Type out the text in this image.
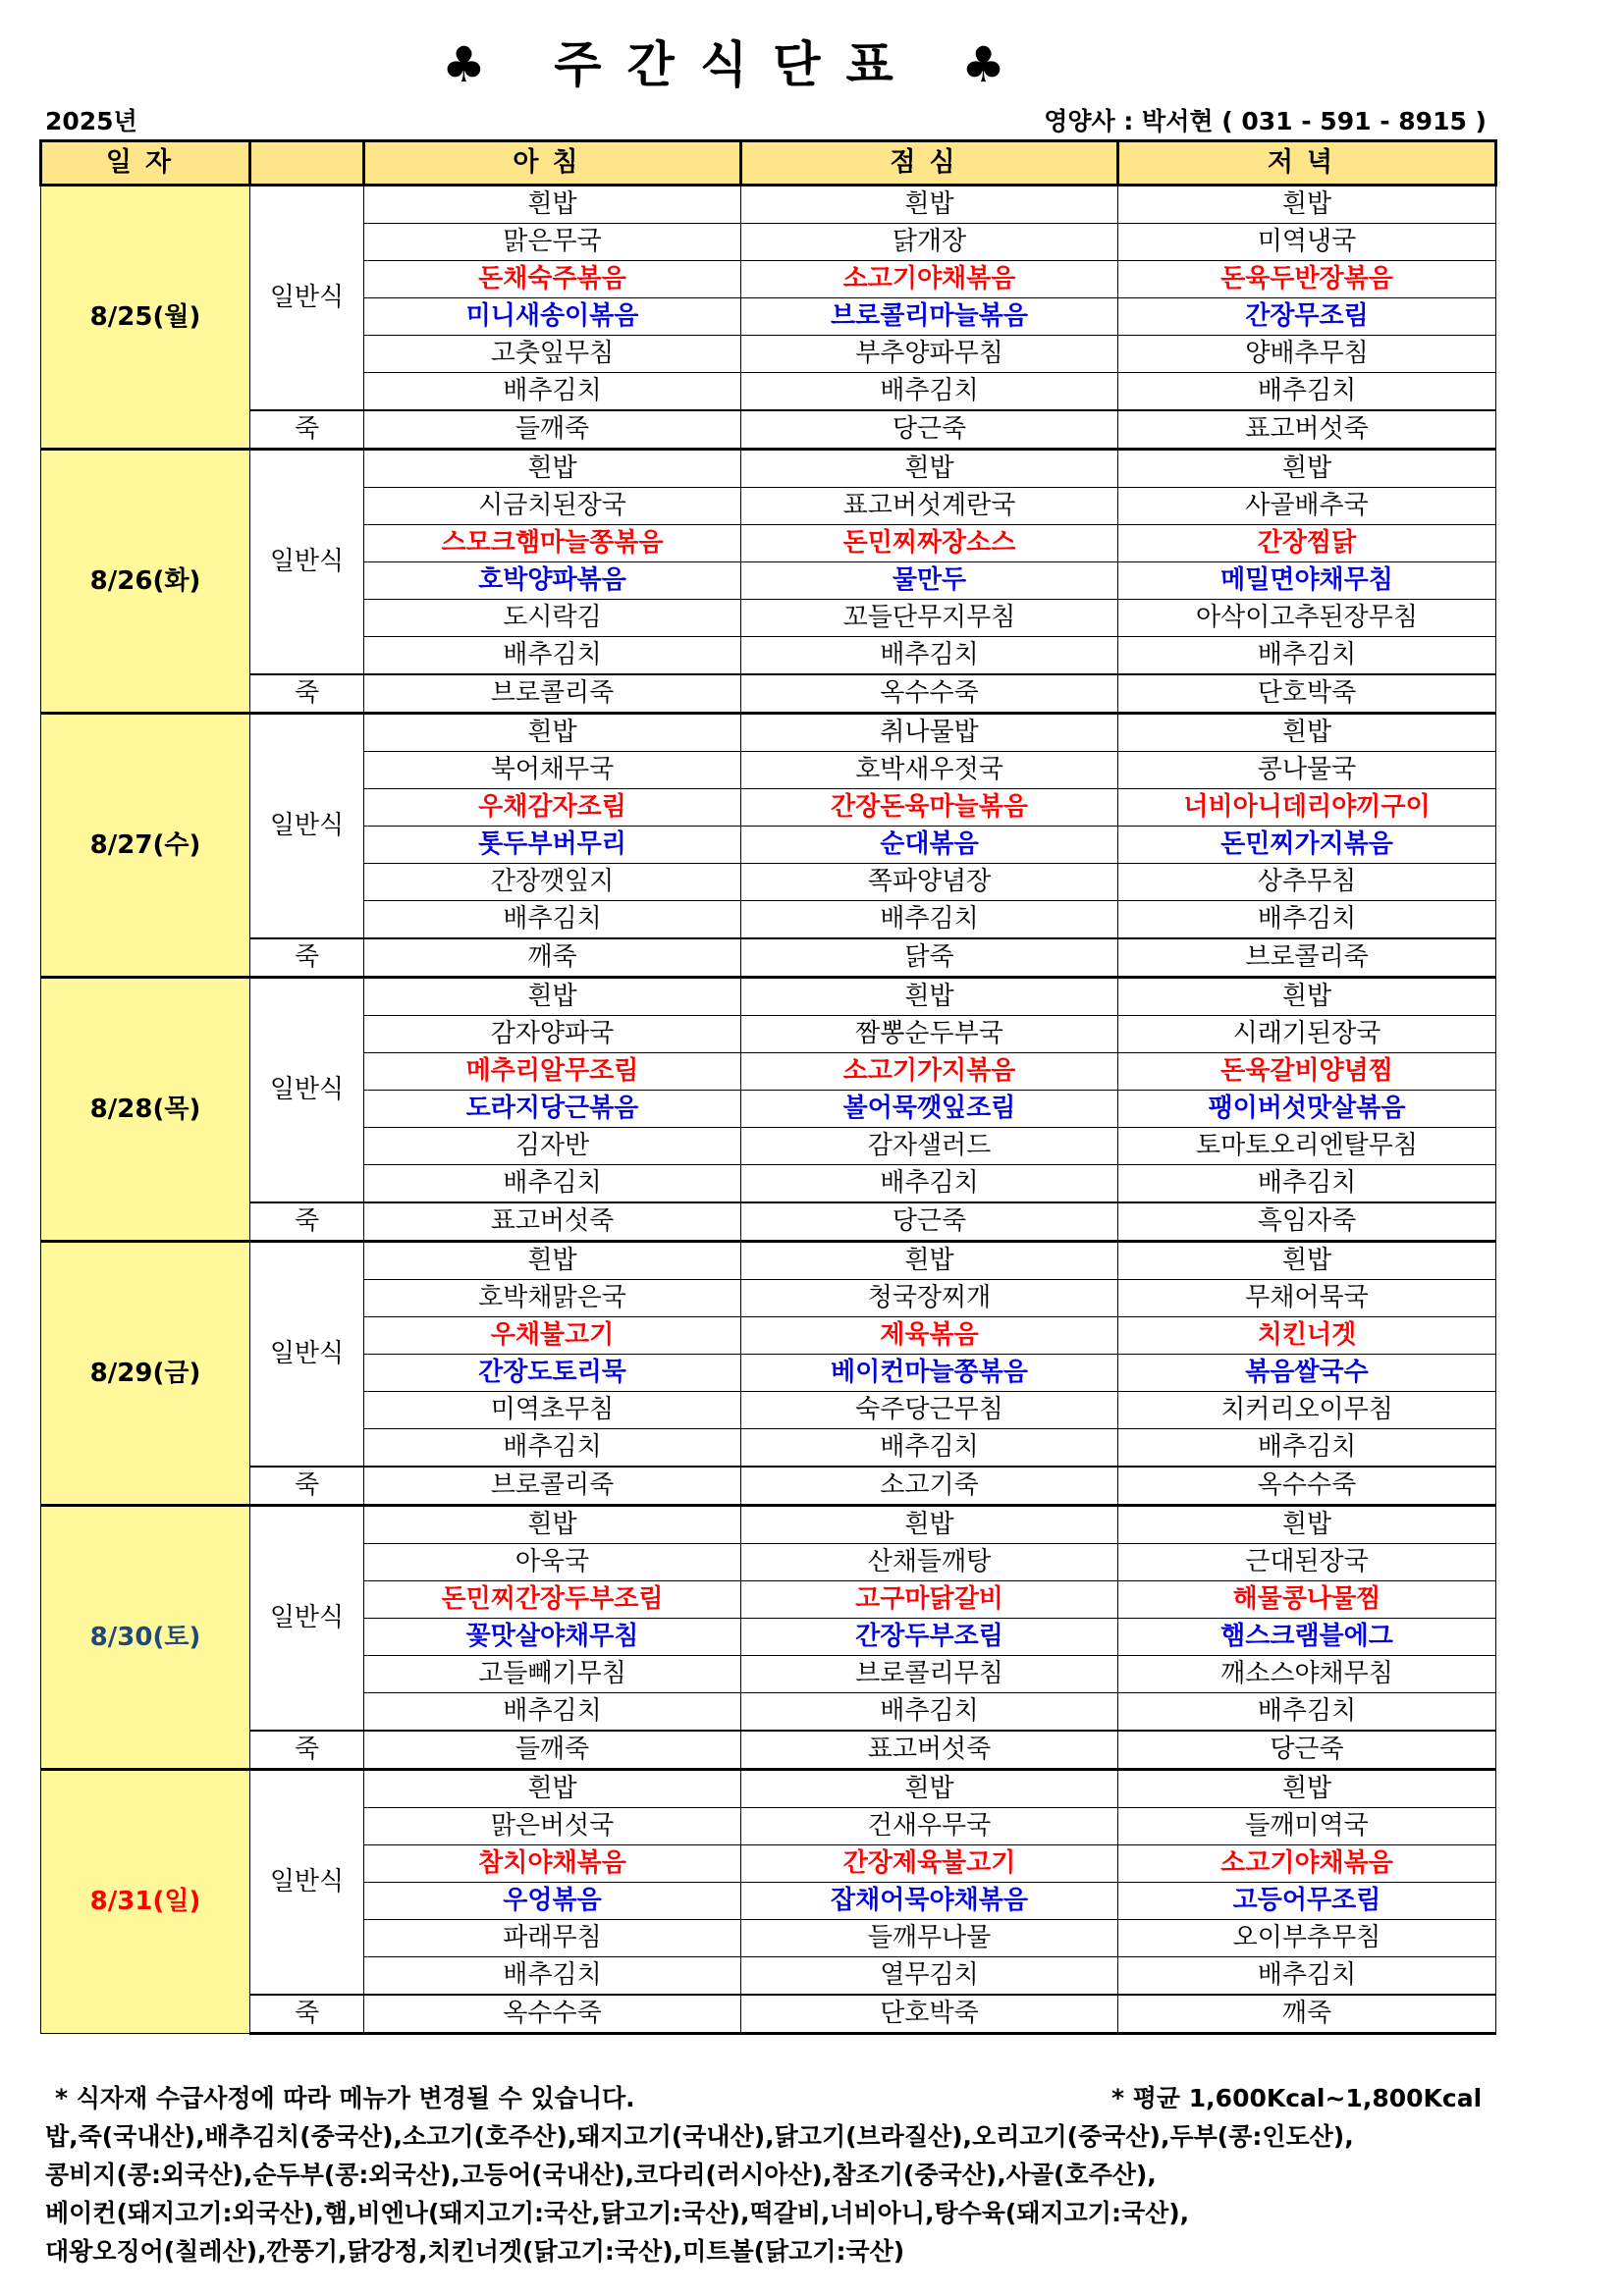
♣ 주간식단표 ♣
2025년	영양사 : 박서현 ( 031 - 591 - 8915 )
일자		아침	점심	저녁
8/25(월)	일반식	흰밥	흰밥	흰밥
		맑은무국	닭개장	미역냉국
		돈채숙주볶음	소고기야채볶음	돈육두반장볶음
		미니새송이볶음	브로콜리마늘볶음	간장무조림
		고춧잎무침	부추양파무침	양배추무침
		배추김치	배추김치	배추김치
	죽	들깨죽	당근죽	표고버섯죽
8/26(화)	일반식	흰밥	흰밥	흰밥
		시금치된장국	표고버섯계란국	사골배추국
		스모크햄마늘쫑볶음	돈민찌짜장소스	간장찜닭
		호박양파볶음	물만두	메밀면야채무침
		도시락김	꼬들단무지무침	아삭이고추된장무침
		배추김치	배추김치	배추김치
	죽	브로콜리죽	옥수수죽	단호박죽
8/27(수)	일반식	흰밥	취나물밥	흰밥
		북어채무국	호박새우젓국	콩나물국
		우채감자조림	간장돈육마늘볶음	너비아니데리야끼구이
		톳두부버무리	순대볶음	돈민찌가지볶음
		간장깻잎지	쪽파양념장	상추무침
		배추김치	배추김치	배추김치
	죽	깨죽	닭죽	브로콜리죽
8/28(목)	일반식	흰밥	흰밥	흰밥
		감자양파국	짬뽕순두부국	시래기된장국
		메추리알무조림	소고기가지볶음	돈육갈비양념찜
		도라지당근볶음	볼어묵깻잎조림	팽이버섯맛살볶음
		김자반	감자샐러드	토마토오리엔탈무침
		배추김치	배추김치	배추김치
	죽	표고버섯죽	당근죽	흑임자죽
8/29(금)	일반식	흰밥	흰밥	흰밥
		호박채맑은국	청국장찌개	무채어묵국
		우채불고기	제육볶음	치킨너겟
		간장도토리묵	베이컨마늘쫑볶음	볶음쌀국수
		미역초무침	숙주당근무침	치커리오이무침
		배추김치	배추김치	배추김치
	죽	브로콜리죽	소고기죽	옥수수죽
8/30(토)	일반식	흰밥	흰밥	흰밥
		아욱국	산채들깨탕	근대된장국
		돈민찌간장두부조림	고구마닭갈비	해물콩나물찜
		꽃맛살야채무침	간장두부조림	햄스크램블에그
		고들빼기무침	브로콜리무침	깨소스야채무침
		배추김치	배추김치	배추김치
	죽	들깨죽	표고버섯죽	당근죽
8/31(일)	일반식	흰밥	흰밥	흰밥
		맑은버섯국	건새우무국	들깨미역국
		참치야채볶음	간장제육불고기	소고기야채볶음
		우엉볶음	잡채어묵야채볶음	고등어무조림
		파래무침	들깨무나물	오이부추무침
		배추김치	열무김치	배추김치
	죽	옥수수죽	단호박죽	깨죽
* 식자재 수급사정에 따라 메뉴가 변경될 수 있습니다.	* 평균 1,600Kcal~1,800Kcal
밥,죽(국내산),배추김치(중국산),소고기(호주산),돼지고기(국내산),닭고기(브라질산),오리고기(중국산),두부(콩:인도산),
콩비지(콩:외국산),순두부(콩:외국산),고등어(국내산),코다리(러시아산),참조기(중국산),사골(호주산),
베이컨(돼지고기:외국산),햄,비엔나(돼지고기:국산,닭고기:국산),떡갈비,너비아니,탕수육(돼지고기:국산),
대왕오징어(칠레산),깐풍기,닭강정,치킨너겟(닭고기:국산),미트볼(닭고기:국산)
